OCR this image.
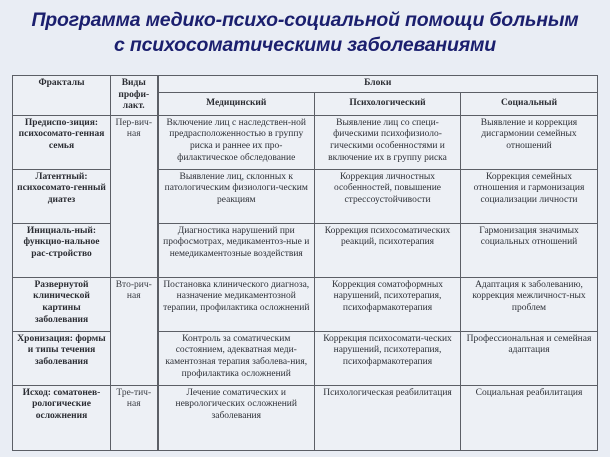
Программа медико-психо-социальной помощи больным
с психосоматическими заболеваниями
Фракталы	Виды профи-лакт.	Блоки		
		Медицинский	Психологический	Социальный
Предиспо-зиция: психосомато-генная семья	Пер-вич-ная	Включение лиц с наследствен-ной предрасположенностью в группу риска и раннее их про-филактическое обследование	Выявление лиц со специ-фическими психофизиоло-гическими особенностями и включение их в группу риска	Выявление и коррекция дисгармонии семейных отношений
Латентный: психосомато-генный диатез		Выявление лиц, склонных к патологическим физиологи-ческим реакциям	Коррекция личностных особенностей, повышение стрессоустойчивости	Коррекция семейных отношения и гармонизация социализации личности
Инициаль-ный: функцио-нальное рас-стройство		Диагностика нарушений при профосмотрах, медикаментоз-ные и немедикаментозные воздействия	Коррекция психосоматических реакций, психотерапия	Гармонизация значимых социальных отношений
Развернутой клинической картины заболевания	Вто-рич-ная	Постановка клинического диагноза, назначение медикаментозной терапии, профилактика осложнений	Коррекция соматоформных нарушений, психотерапия, психофармакотерапия	Адаптация к заболеванию, коррекция межличност-ных проблем
Хронизация: формы и типы течения заболевания		Контроль за соматическим состоянием, адекватная меди-каментозная терапия заболева-ния, профилактика осложнений	Коррекция психосомати-ческих нарушений, психотерапия, психофармакотерапия	Профессиональная и семейная адаптация
Исход: соматонев-рологические осложнения	Тре-тич-ная	Лечение соматических и неврологических осложнений заболевания	Психологическая реабилитация	Социальная реабилитация
